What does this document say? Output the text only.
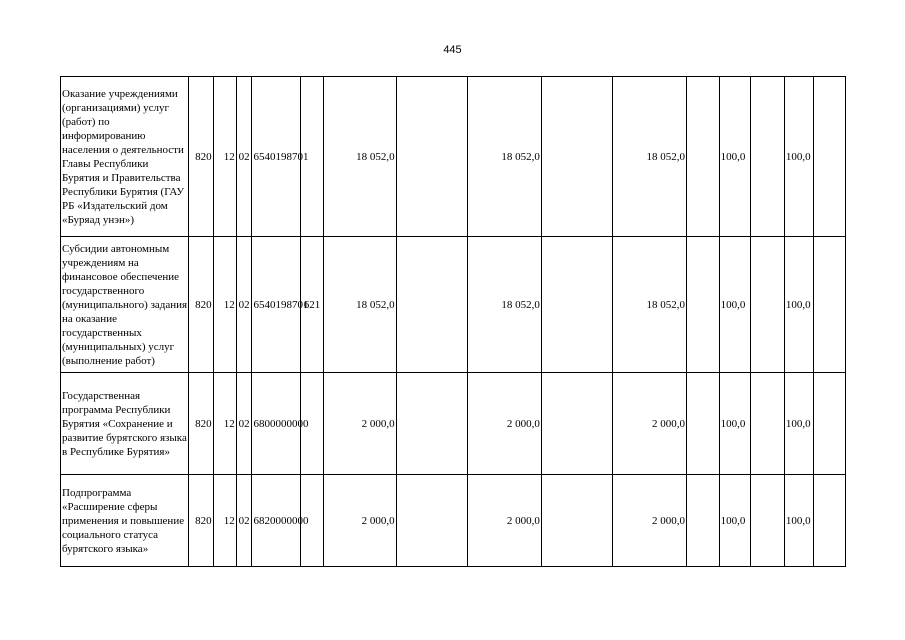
445
Оказание учреждениями (организациями) услуг (работ) по информированию населения о деятельности Главы Республики Бурятия и Правительства Республики Бурятия (ГАУ РБ «Издательский дом «Буряад унэн»)	820	12	02	6540198701		18 052,0		18 052,0		18 052,0		100,0		100,0	
Субсидии автономным учреждениям на финансовое обеспечение государственного (муниципального) задания на оказание государственных (муниципальных) услуг (выполнение работ)	820	12	02	6540198701	621	18 052,0		18 052,0		18 052,0		100,0		100,0	
Государственная программа Республики Бурятия «Сохранение и развитие бурятского языка в Республике Бурятия»	820	12	02	6800000000		2 000,0		2 000,0		2 000,0		100,0		100,0	
Подпрограмма «Расширение сферы применения и повышение социального статуса бурятского языка»	820	12	02	6820000000		2 000,0		2 000,0		2 000,0		100,0		100,0	
